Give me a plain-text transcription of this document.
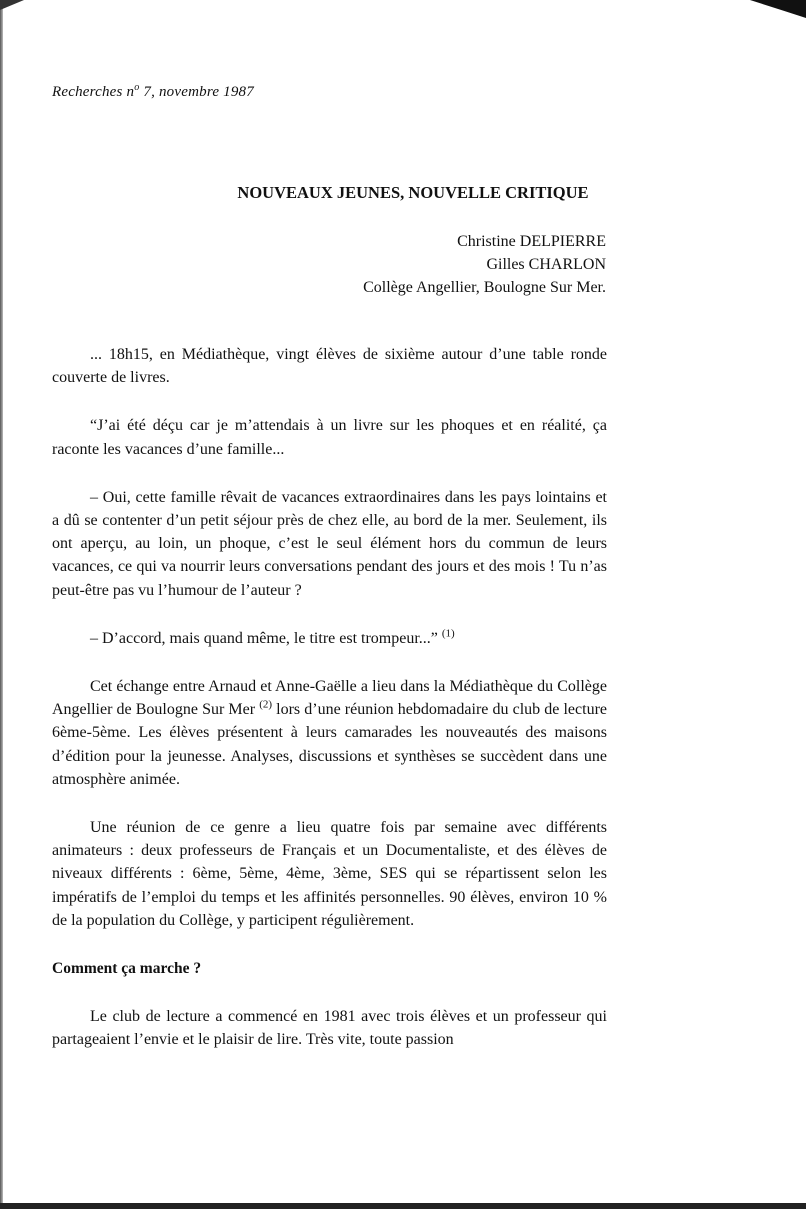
Recherches $n^o$ 7, novembre 1987
NOUVEAUX JEUNES, NOUVELLE CRITIQUE
Christine DELPIERRE
Gilles CHARLON
Collège Angellier, Boulogne Sur Mer.

... 18h15, en Médiathèque, vingt élèves de sixième autour d’une table ronde couverte de livres.

“J’ai été déçu car je m’attendais à un livre sur les phoques et en réalité, ça raconte les vacances d’une famille...

– Oui, cette famille rêvait de vacances extraordinaires dans les pays lointains et a dû se contenter d’un petit séjour près de chez elle, au bord de la mer. Seulement, ils ont aperçu, au loin, un phoque, c’est le seul élément hors du commun de leurs vacances, ce qui va nourrir leurs conversations pendant des jours et des mois ! Tu n’as peut-être pas vu l’humour de l’auteur ?

– D’accord, mais quand même, le titre est trompeur...” $^{(1)}$

Cet échange entre Arnaud et Anne-Gaëlle a lieu dans la Médiathèque du Collège Angellier de Boulogne Sur Mer $^{(2)}$ lors d’une réunion hebdomadaire du club de lecture 6ème-5ème. Les élèves présentent à leurs camarades les nouveautés des maisons d’édition pour la jeunesse. Analyses, discussions et synthèses se succèdent dans une atmosphère animée.

Une réunion de ce genre a lieu quatre fois par semaine avec différents animateurs : deux professeurs de Français et un Documentaliste, et des élèves de niveaux différents : 6ème, 5ème, 4ème, 3ème, SES qui se répartissent selon les impératifs de l’emploi du temps et les affinités personnelles. 90 élèves, environ 10 % de la population du Collège, y participent régulièrement.

Comment ça marche ?

Le club de lecture a commencé en 1981 avec trois élèves et un professeur qui partageaient l’envie et le plaisir de lire. Très vite, toute passion
